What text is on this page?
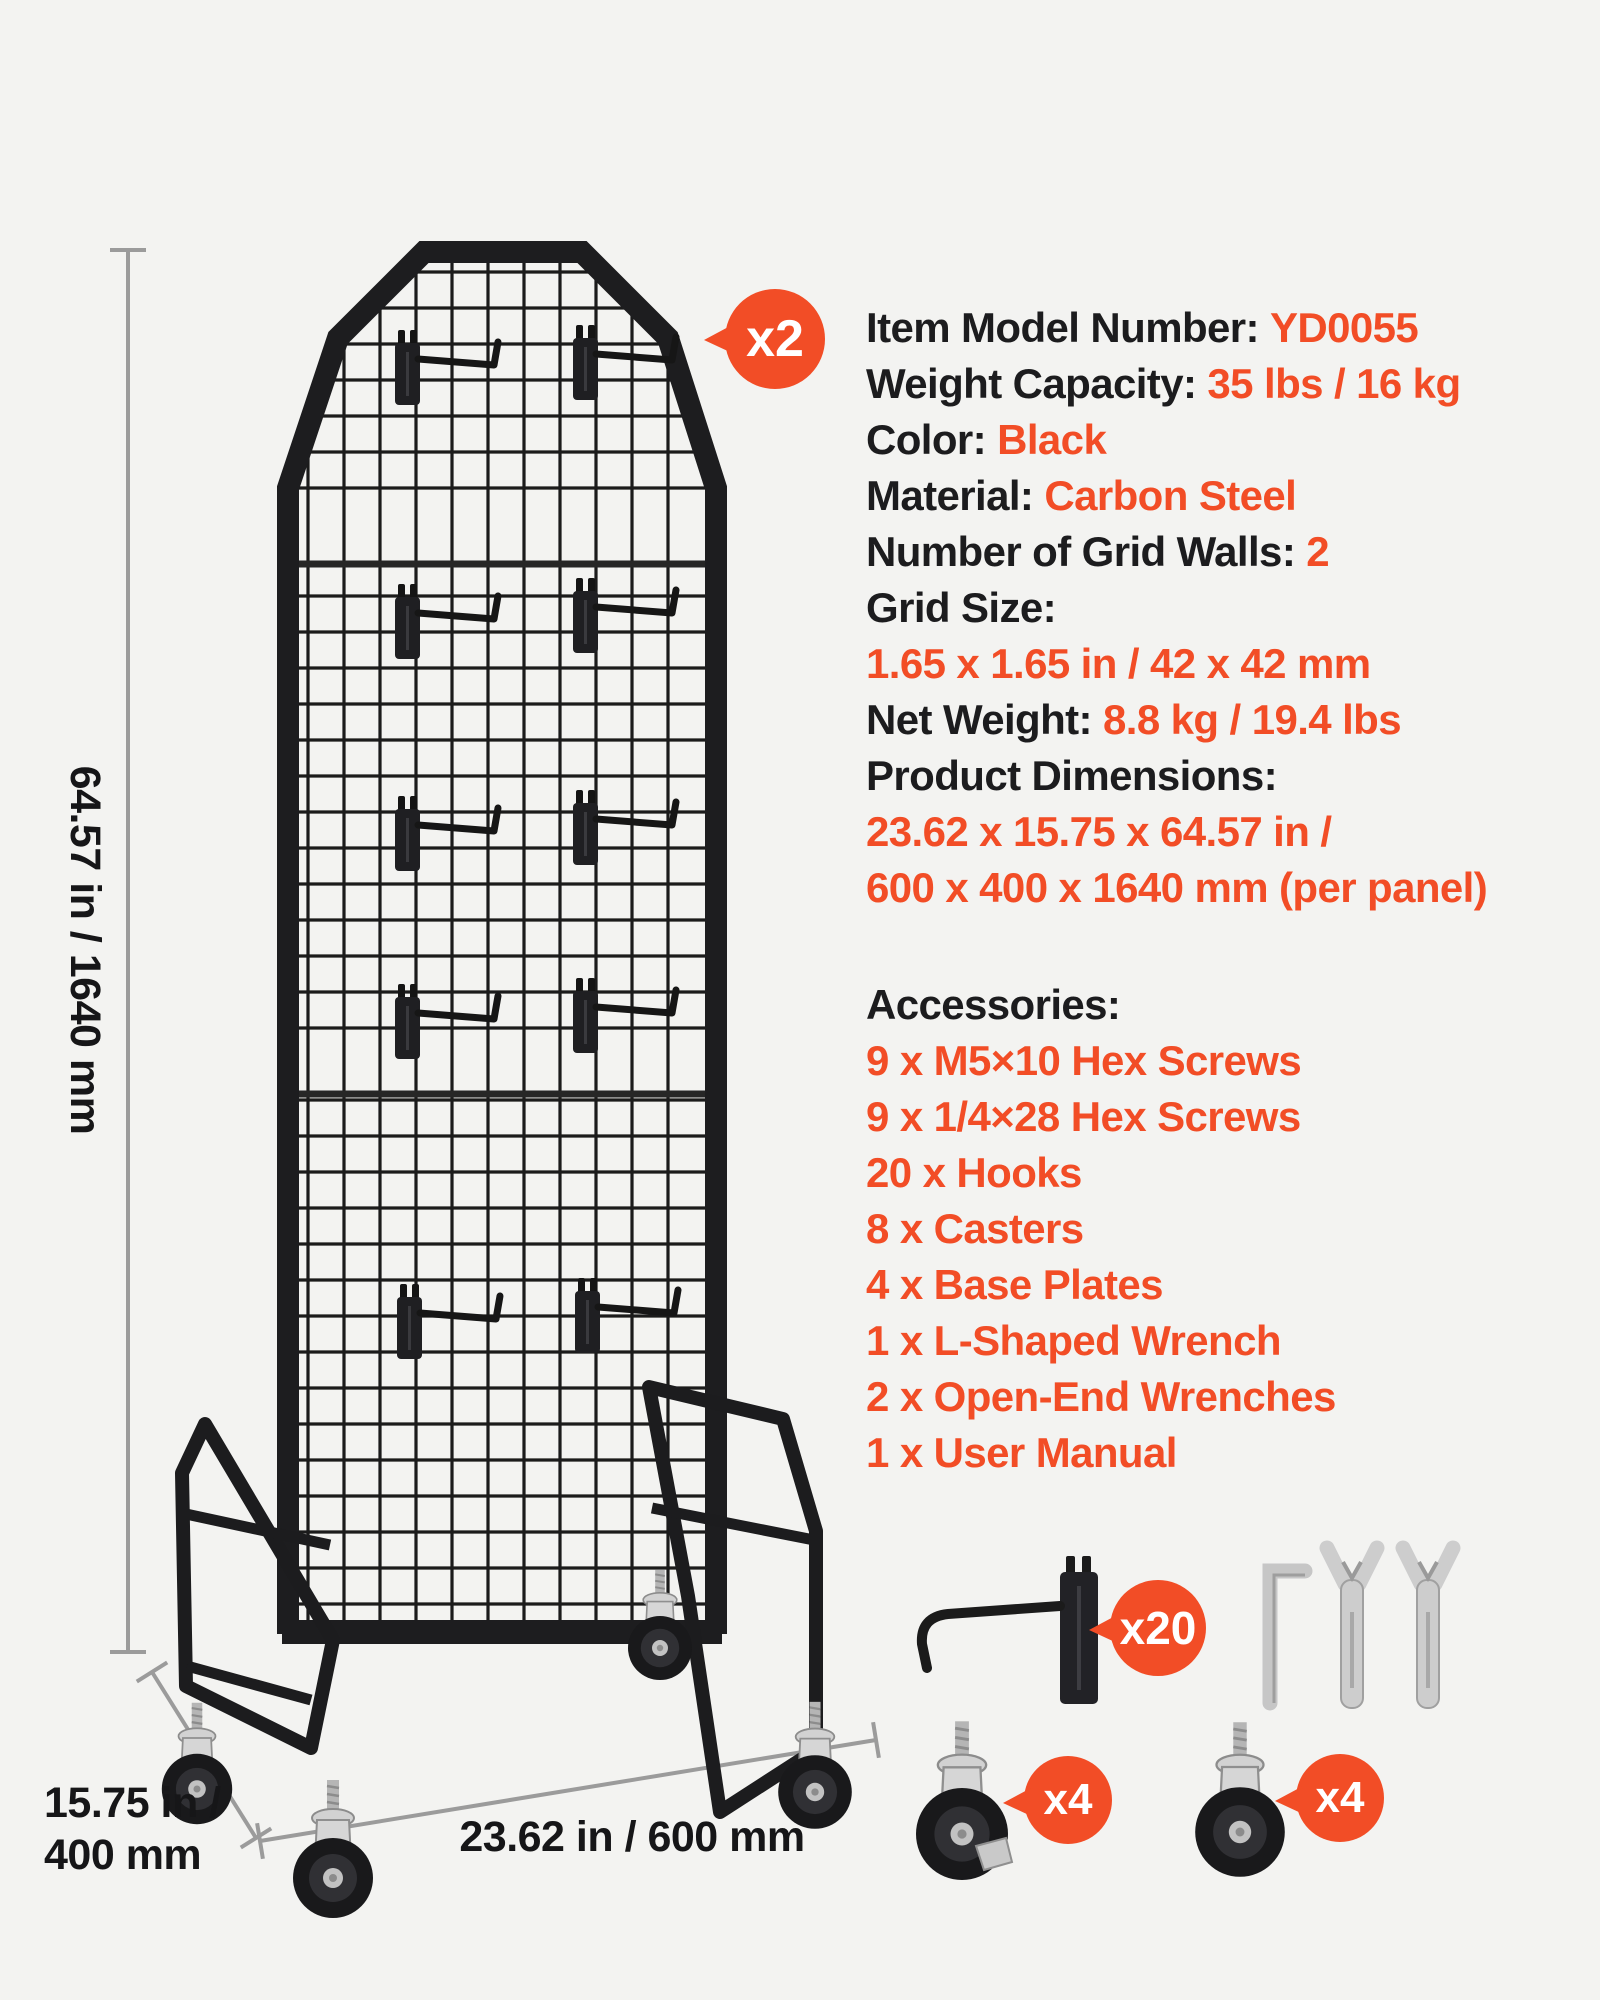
64.57 in / 1640 mm
15.75 in /
400 mm	23.62 in / 600 mm
Item Model Number: YD0055
Weight Capacity: 35 lbs / 16 kg
Color: Black
Material: Carbon Steel
Number of Grid Walls: 2
Grid Size:
1.65 x 1.65 in / 42 x 42 mm
Net Weight: 8.8 kg / 19.4 lbs
Product Dimensions:
23.62 x 15.75 x 64.57 in /
600 x 400 x 1640 mm (per panel)
Accessories:
9 x M5×10 Hex Screws
9 x 1/4×28 Hex Screws
20 x Hooks
8 x Casters
4 x Base Plates
1 x L-Shaped Wrench
2 x Open-End Wrenches
1 x User Manual
x2
x20
x4	x4
